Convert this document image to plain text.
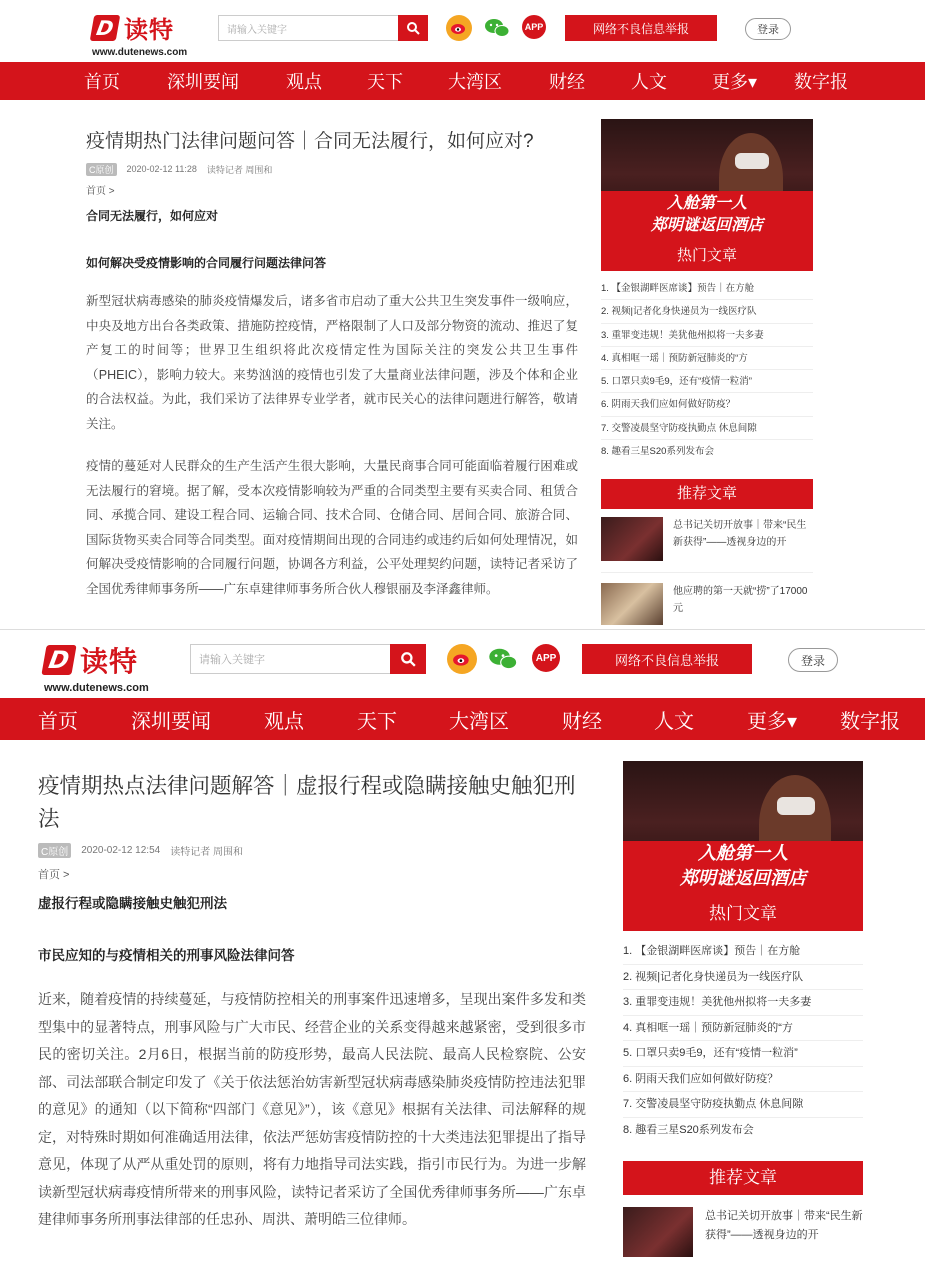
D 读特
www.dutenews.com
请输入关键字	APP	网络不良信息举报	登录
首页	深圳要闻	观点	天下	大湾区	财经	人文	更多▾ 数字报
疫情期热门法律问题问答｜合同无法履行，如何应对?
C原创	2020-02-12 11:28 读特记者 周围和
首页 >
合同无法履行，如何应对
如何解决受疫情影响的合同履行问题法律问答

新型冠状病毒感染的肺炎疫情爆发后，诸多省市启动了重大公共卫生突发事件一级响应，中央及地方出台各类政策、措施防控疫情，严格限制了人口及部分物资的流动、推迟了复产复工的时间等；世界卫生组织将此次疫情定性为国际关注的突发公共卫生事件（PHEIC），影响力较大。来势汹汹的疫情也引发了大量商业法律问题，涉及个体和企业的合法权益。为此，我们采访了法律界专业学者，就市民关心的法律问题进行解答，敬请关注。

疫情的蔓延对人民群众的生产生活产生很大影响，大量民商事合同可能面临着履行困难或无法履行的窘境。据了解，受本次疫情影响较为严重的合同类型主要有买卖合同、租赁合同、承揽合同、建设工程合同、运输合同、技术合同、仓储合同、居间合同、旅游合同、国际货物买卖合同等合同类型。面对疫情期间出现的合同违约或违约后如何处理情况，如何解决受疫情影响的合同履行问题，协调各方利益，公平处理契约问题，读特记者采访了全国优秀律师事务所——广东卓建律师事务所合伙人穆银丽及李泽鑫律师。

入舱第一人
郑明谜返回酒店
热门文章
1. 【金银湖畔医席谈】预告｜在方舱
2. 视频|记者化身快递员为一线医疗队
3. 重罪变违规！美犹他州拟将一夫多妻
4. 真相哐一瑶｜预防新冠肺炎的“方
5. 口罩只卖9毛9，还有“疫情一粒消”
6. 阴雨天我们应如何做好防疫？
7. 交警凌晨坚守防疫执勤点 休息间隙
8. 趣看三星S20系列发布会
推荐文章
总书记关切开放事｜带来“民生新获得”——透视身边的开
他应聘的第一天就“捞”了17000元
D 读特
www.dutenews.com
请输入关键字	APP	网络不良信息举报	登录
首页	深圳要闻	观点	天下	大湾区	财经	人文	更多▾ 数字报
疫情期热点法律问题解答｜虚报行程或隐瞒接触史触犯刑法
C原创	2020-02-12 12:54 读特记者 周围和
首页 >
虚报行程或隐瞒接触史触犯刑法
市民应知的与疫情相关的刑事风险法律问答

近来，随着疫情的持续蔓延，与疫情防控相关的刑事案件迅速增多，呈现出案件多发和类型集中的显著特点，刑事风险与广大市民、经营企业的关系变得越来越紧密，受到很多市民的密切关注。2月6日，根据当前的防疫形势，最高人民法院、最高人民检察院、公安部、司法部联合制定印发了《关于依法惩治妨害新型冠状病毒感染肺炎疫情防控违法犯罪的意见》的通知（以下简称“四部门《意见》”），该《意见》根据有关法律、司法解释的规定，对特殊时期如何准确适用法律，依法严惩妨害疫情防控的十大类违法犯罪提出了指导意见，体现了从严从重处罚的原则，将有力地指导司法实践，指引市民行为。为进一步解读新型冠状病毒疫情所带来的刑事风险，读特记者采访了全国优秀律师事务所——广东卓建律师事务所刑事法律部的任忠孙、周洪、萧明皓三位律师。

入舱第一人
郑明谜返回酒店
热门文章
1. 【金银湖畔医席谈】预告｜在方舱
2. 视频|记者化身快递员为一线医疗队
3. 重罪变违规！美犹他州拟将一夫多妻
4. 真相哐一瑶｜预防新冠肺炎的“方
5. 口罩只卖9毛9，还有“疫情一粒消”
6. 阴雨天我们应如何做好防疫？
7. 交警凌晨坚守防疫执勤点 休息间隙
8. 趣看三星S20系列发布会
推荐文章
总书记关切开放事｜带来“民生新获得”——透视身边的开
